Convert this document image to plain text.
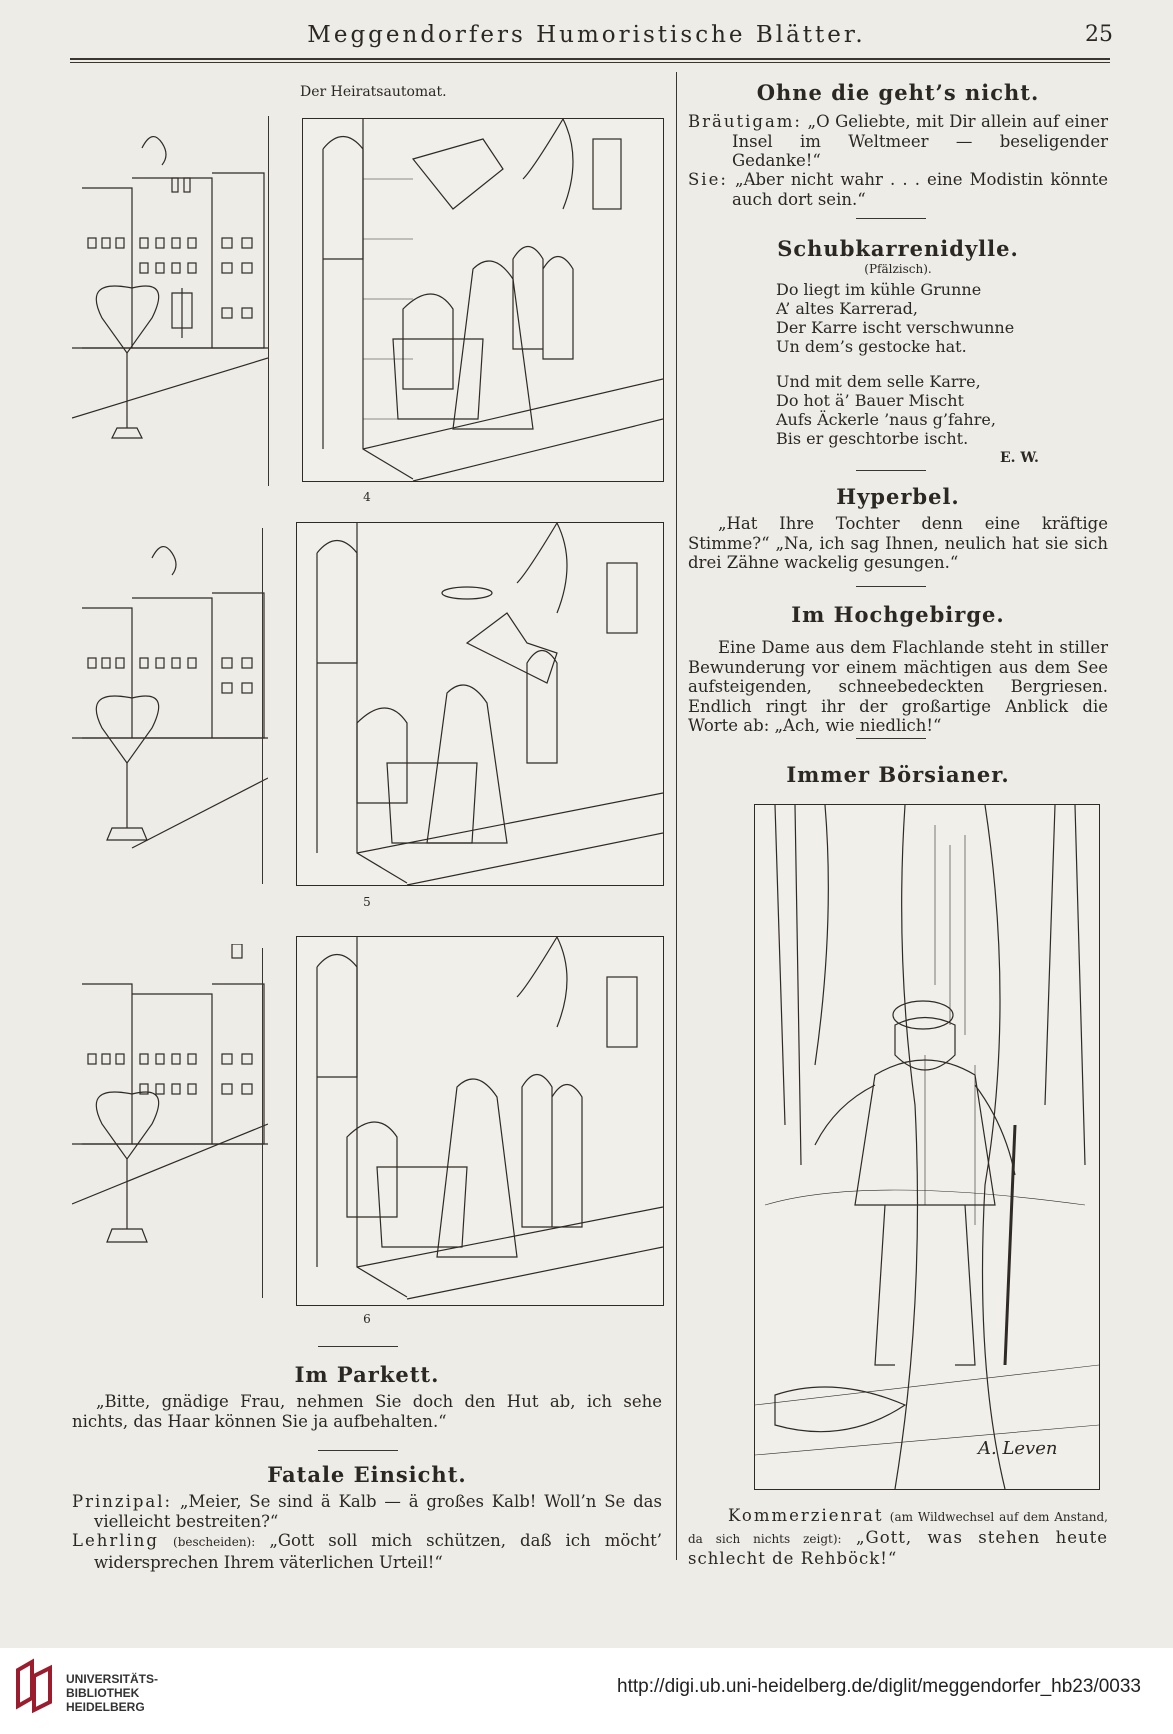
Meggendorfers Humoristische Blätter.	25
Der Heiratsautomat.
4
5
6
Im Parkett.
„Bitte, gnädige Frau, nehmen Sie doch den Hut ab, ich sehe nichts, das Haar können Sie ja aufbehalten.“
Fatale Einsicht.
Prinzipal: „Meier, Se sind ä Kalb — ä großes Kalb! Woll’n Se das vielleicht bestreiten?“
Lehrling (bescheiden): „Gott soll mich schützen, daß ich möcht’ widersprechen Ihrem väterlichen Urteil!“
Ohne die geht’s nicht.
Bräutigam: „O Geliebte, mit Dir allein auf einer Insel im Weltmeer — beseligender Gedanke!“
Sie: „Aber nicht wahr . . . eine Modistin könnte auch dort sein.“
Schubkarrenidylle.
(Pfälzisch).
Do liegt im kühle Grunne
A’ altes Karrerad,
Der Karre ischt verschwunne
Un dem’s gestocke hat.
Und mit dem selle Karre,
Do hot ä’ Bauer Mischt
Aufs Äckerle ’naus g’fahre,
Bis er geschtorbe ischt.
E. W.
Hyperbel.
„Hat Ihre Tochter denn eine kräftige Stimme?“ „Na, ich sag Ihnen, neulich hat sie sich drei Zähne wackelig gesungen.“
Im Hochgebirge.
Eine Dame aus dem Flachlande steht in stiller Bewunderung vor einem mächtigen aus dem See aufsteigenden, schneebedeckten Bergriesen. Endlich ringt ihr der großartige Anblick die Worte ab: „Ach, wie niedlich!“
Immer Börsianer.
A. Leven
Kommerzienrat (am Wildwechsel auf dem Anstand, da sich nichts zeigt): „Gott, was stehen heute schlecht de Rehböck!“
UNIVERSITÄTS-
BIBLIOTHEK
HEIDELBERG
http://digi.ub.uni-heidelberg.de/diglit/meggendorfer_hb23/0033
